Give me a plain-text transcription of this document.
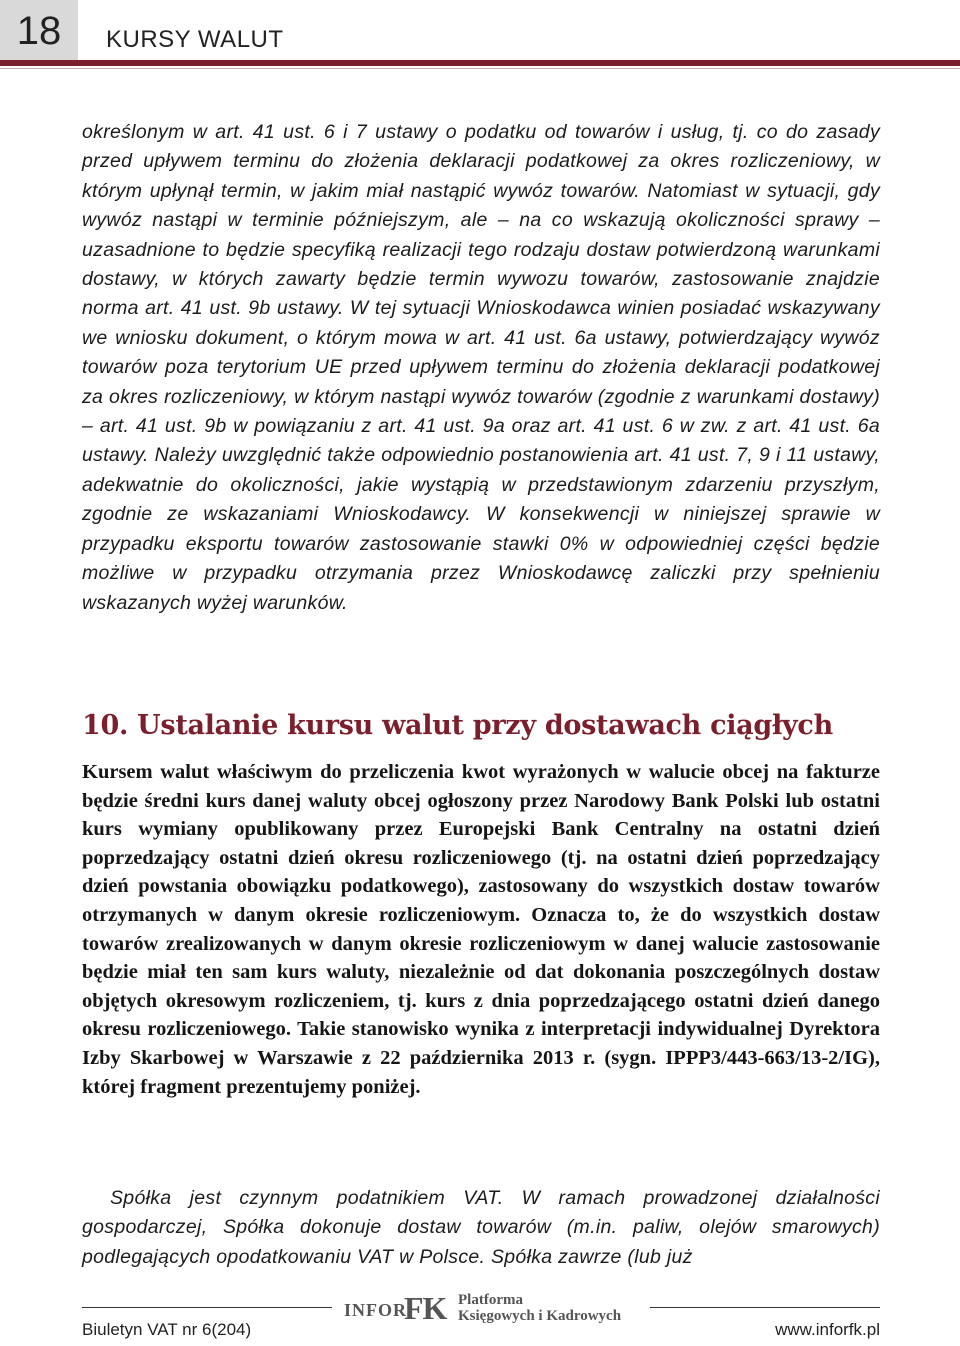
18	KURSY WALUT

określonym w art. 41 ust. 6 i 7 ustawy o podatku od towarów i usług, tj. co do zasady przed upływem terminu do złożenia deklaracji podatkowej za okres rozliczeniowy, w którym upłynął termin, w jakim miał nastąpić wywóz towarów. Natomiast w sytuacji, gdy wywóz nastąpi w terminie późniejszym, ale – na co wskazują okoliczności sprawy – uzasadnione to będzie specyfiką realizacji tego rodzaju dostaw potwierdzoną warunkami dostawy, w których zawarty będzie termin wywozu towarów, zastosowanie znajdzie norma art. 41 ust. 9b ustawy. W tej sytuacji Wnioskodawca winien posiadać wskazywany we wniosku dokument, o którym mowa w art. 41 ust. 6a ustawy, potwierdzający wywóz towarów poza terytorium UE przed upływem terminu do złożenia deklaracji podatkowej za okres rozliczeniowy, w którym nastąpi wywóz towarów (zgodnie z warunkami dostawy) – art. 41 ust. 9b w powiązaniu z art. 41 ust. 9a oraz art. 41 ust. 6 w zw. z art. 41 ust. 6a ustawy. Należy uwzględnić także odpowiednio postanowienia art. 41 ust. 7, 9 i 11 ustawy, adekwatnie do okoliczności, jakie wystąpią w przedstawionym zdarzeniu przyszłym, zgodnie ze wskazaniami Wnioskodawcy. W konsekwencji w niniejszej sprawie w przypadku eksportu towarów zastosowanie stawki 0% w odpowiedniej części będzie możliwe w przypadku otrzymania przez Wnioskodawcę zaliczki przy spełnieniu wskazanych wyżej warunków.

10. Ustalanie kursu walut przy dostawach ciągłych

Kursem walut właściwym do przeliczenia kwot wyrażonych w walucie obcej na fakturze będzie średni kurs danej waluty obcej ogłoszony przez Narodowy Bank Polski lub ostatni kurs wymiany opublikowany przez Europejski Bank Centralny na ostatni dzień poprzedzający ostatni dzień okresu rozliczeniowego (tj. na ostatni dzień poprzedzający dzień powstania obowiązku podatkowego), zastosowany do wszystkich dostaw towarów otrzymanych w danym okresie rozliczeniowym. Oznacza to, że do wszystkich dostaw towarów zrealizowanych w danym okresie rozliczeniowym w danej walucie zastosowanie będzie miał ten sam kurs waluty, niezależnie od dat dokonania poszczególnych dostaw objętych okresowym rozliczeniem, tj. kurs z dnia poprzedzającego ostatni dzień danego okresu rozliczeniowego. Takie stanowisko wynika z interpretacji indywidualnej Dyrektora Izby Skarbowej w Warszawie z 22 października 2013 r. (sygn. IPPP3/443-663/13-2/IG), której fragment prezentujemy poniżej.

Spółka jest czynnym podatnikiem VAT. W ramach prowadzonej działalności gospodarczej, Spółka dokonuje dostaw towarów (m.in. paliw, olejów smarowych) podlegających opodatkowaniu VAT w Polsce. Spółka zawrze (lub już

INFOR
FK Platforma
Księgowych i Kadrowych
Biuletyn VAT nr 6(204)	www.inforfk.pl
